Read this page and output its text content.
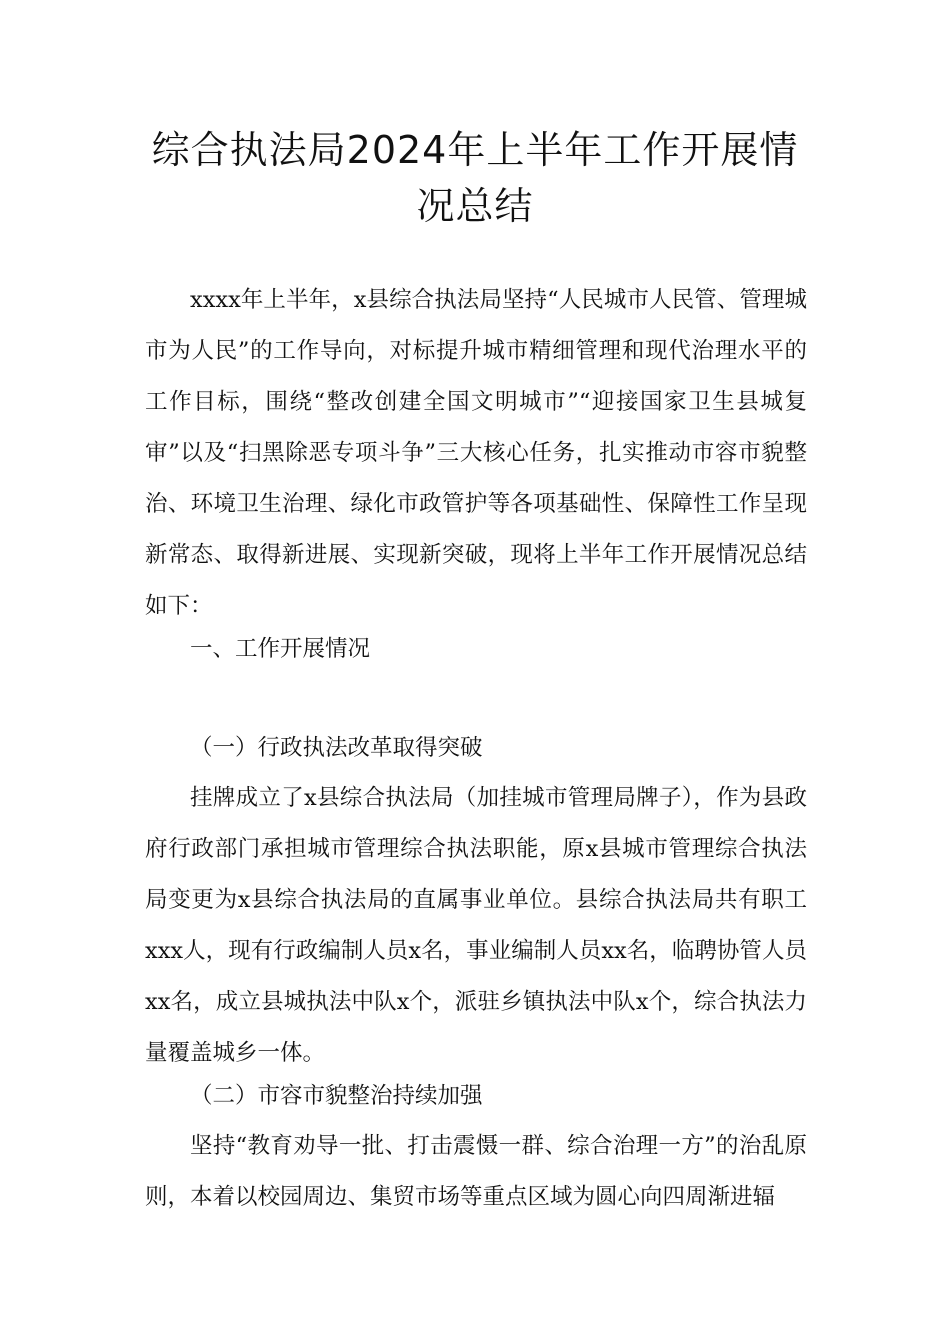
综合执法局2024年上半年工作开展情
况总结

xxxx年上半年，x县综合执法局坚持“人民城市人民管、管理城市为人民”的工作导向，对标提升城市精细管理和现代治理水平的工作目标，围绕“整改创建全国文明城市”“迎接国家卫生县城复审”以及“扫黑除恶专项斗争”三大核心任务，扎实推动市容市貌整治、环境卫生治理、绿化市政管护等各项基础性、保障性工作呈现新常态、取得新进展、实现新突破，现将上半年工作开展情况总结如下：

一、工作开展情况

（一）行政执法改革取得突破

挂牌成立了x县综合执法局（加挂城市管理局牌子），作为县政府行政部门承担城市管理综合执法职能，原x县城市管理综合执法局变更为x县综合执法局的直属事业单位。县综合执法局共有职工xxx人，现有行政编制人员x名，事业编制人员xx名，临聘协管人员xx名，成立县城执法中队x个，派驻乡镇执法中队x个，综合执法力量覆盖城乡一体。

（二）市容市貌整治持续加强

坚持“教育劝导一批、打击震慑一群、综合治理一方”的治乱原则，本着以校园周边、集贸市场等重点区域为圆心向四周渐进辐
